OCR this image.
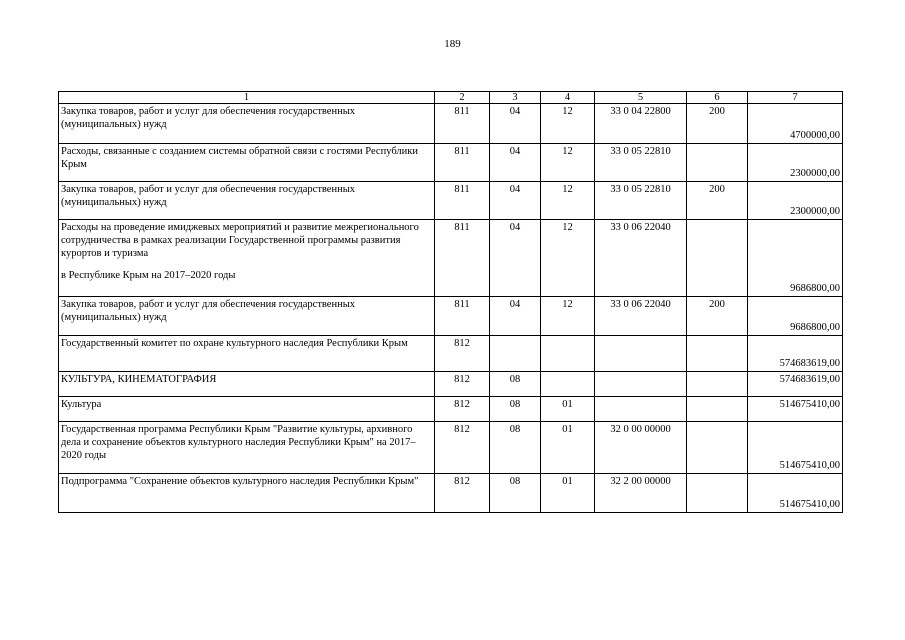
189
1	2	3	4	5	6	7
Закупка товаров, работ и услуг для обеспечения государственных (муниципальных) нужд	811	04	12	33 0 04 22800	200	4700000,00
Расходы, связанные с созданием системы обратной связи с гостями Республики Крым	811	04	12	33 0 05 22810		2300000,00
Закупка товаров, работ и услуг для обеспечения государственных (муниципальных) нужд	811	04	12	33 0 05 22810	200	2300000,00
Расходы на проведение имиджевых мероприятий и развитие межрегионального сотрудничества в рамках реализации Государственной программы развития курортов и туризма
в Республике Крым на 2017–2020 годы	811	04	12	33 0 06 22040		9686800,00
Закупка товаров, работ и услуг для обеспечения государственных (муниципальных) нужд	811	04	12	33 0 06 22040	200	9686800,00
Государственный комитет по охране культурного наследия Республики Крым	812					574683619,00
КУЛЬТУРА, КИНЕМАТОГРАФИЯ	812	08				574683619,00
Культура	812	08	01			514675410,00
Государственная программа Республики Крым "Развитие культуры, архивного дела и сохранение объектов культурного наследия Республики Крым" на 2017–2020 годы	812	08	01	32 0 00 00000		514675410,00
Подпрограмма "Сохранение объектов культурного наследия Республики Крым"	812	08	01	32 2 00 00000		514675410,00
